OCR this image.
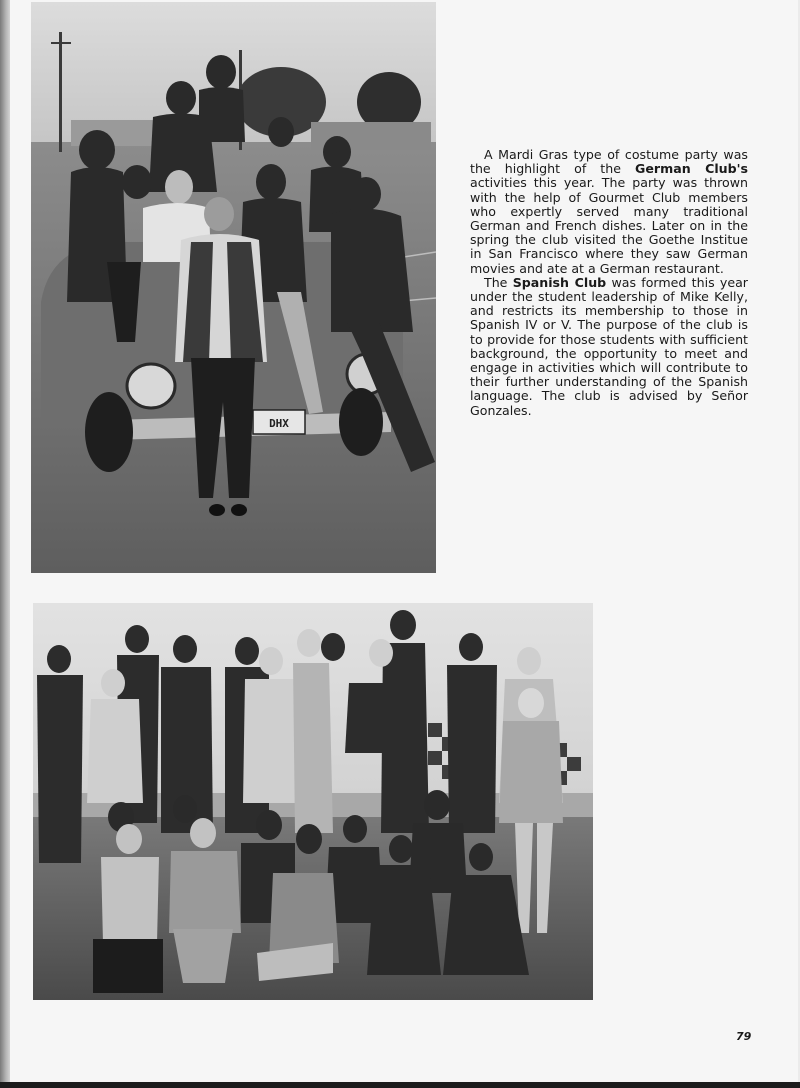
DHX

A Mardi Gras type of costume party was the highlight of the German Club's activities this year. The party was thrown with the help of Gourmet Club members who expertly served many traditional German and French dishes. Later on in the spring the club visited the Goethe Institue in San Francisco where they saw German movies and ate at a German restaurant.

The Spanish Club was formed this year under the student leadership of Mike Kelly, and restricts its membership to those in Spanish IV or V. The purpose of the club is to provide for those students with sufficient background, the opportunity to meet and engage in activities which will contribute to their further understanding of the Spanish language. The club is advised by Señor Gonzales.

79
